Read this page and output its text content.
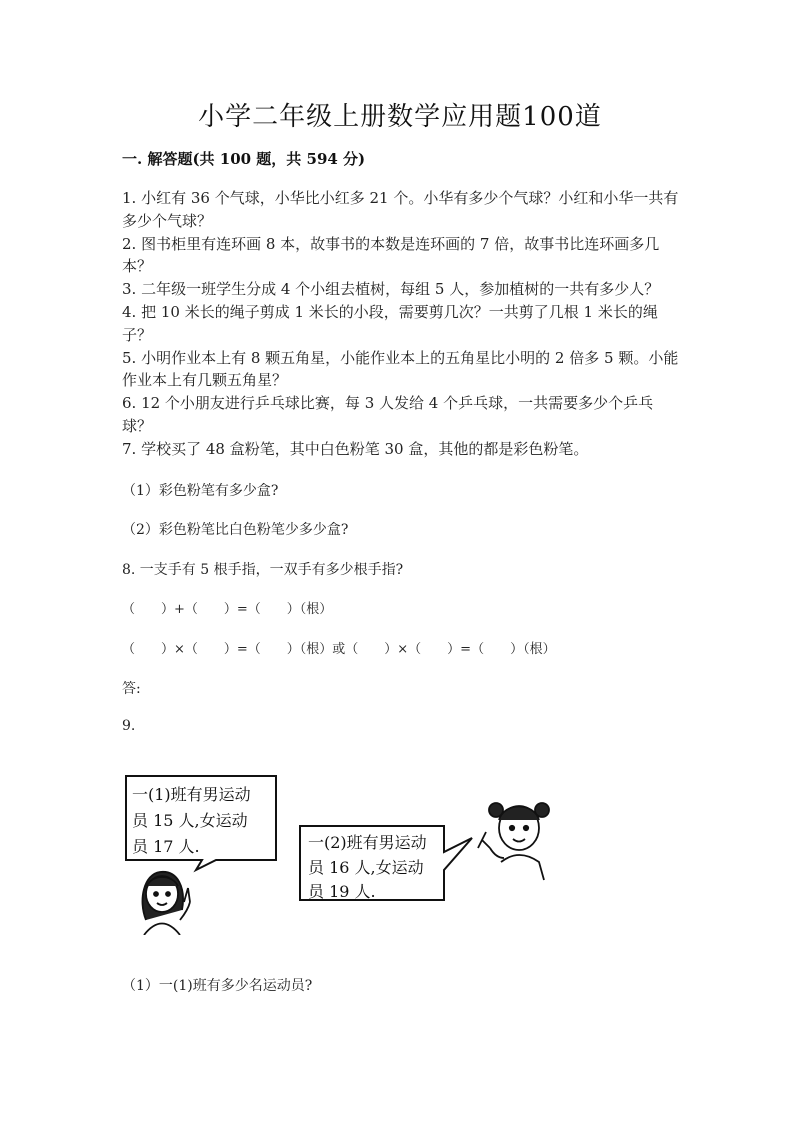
小学二年级上册数学应用题100道
一. 解答题(共 100 题，共 594 分)

1. 小红有 36 个气球，小华比小红多 21 个。小华有多少个气球？小红和小华一共有多少个气球？

2. 图书柜里有连环画 8 本，故事书的本数是连环画的 7 倍，故事书比连环画多几本？

3. 二年级一班学生分成 4 个小组去植树，每组 5 人，参加植树的一共有多少人？

4. 把 10 米长的绳子剪成 1 米长的小段，需要剪几次？一共剪了几根 1 米长的绳子？

5. 小明作业本上有 8 颗五角星，小能作业本上的五角星比小明的 2 倍多 5 颗。小能作业本上有几颗五角星？

6. 12 个小朋友进行乒乓球比赛，每 3 人发给 4 个乒乓球，一共需要多少个乒乓球？

7. 学校买了 48 盒粉笔，其中白色粉笔 30 盒，其他的都是彩色粉笔。

（1）彩色粉笔有多少盒?
（2）彩色粉笔比白色粉笔少多少盒?
8. 一支手有 5 根手指，一双手有多少根手指?
（　　）+（　　）=（　　）（根）
（　　）×（　　）=（　　）（根）或（　　）×（　　）=（　　）（根）
答:
9.
一(1)班有男运动 员 15 人,女运动 员 17 人.	一(2)班有男运动 员 16 人,女运动 员 19 人.
（1）一(1)班有多少名运动员?
